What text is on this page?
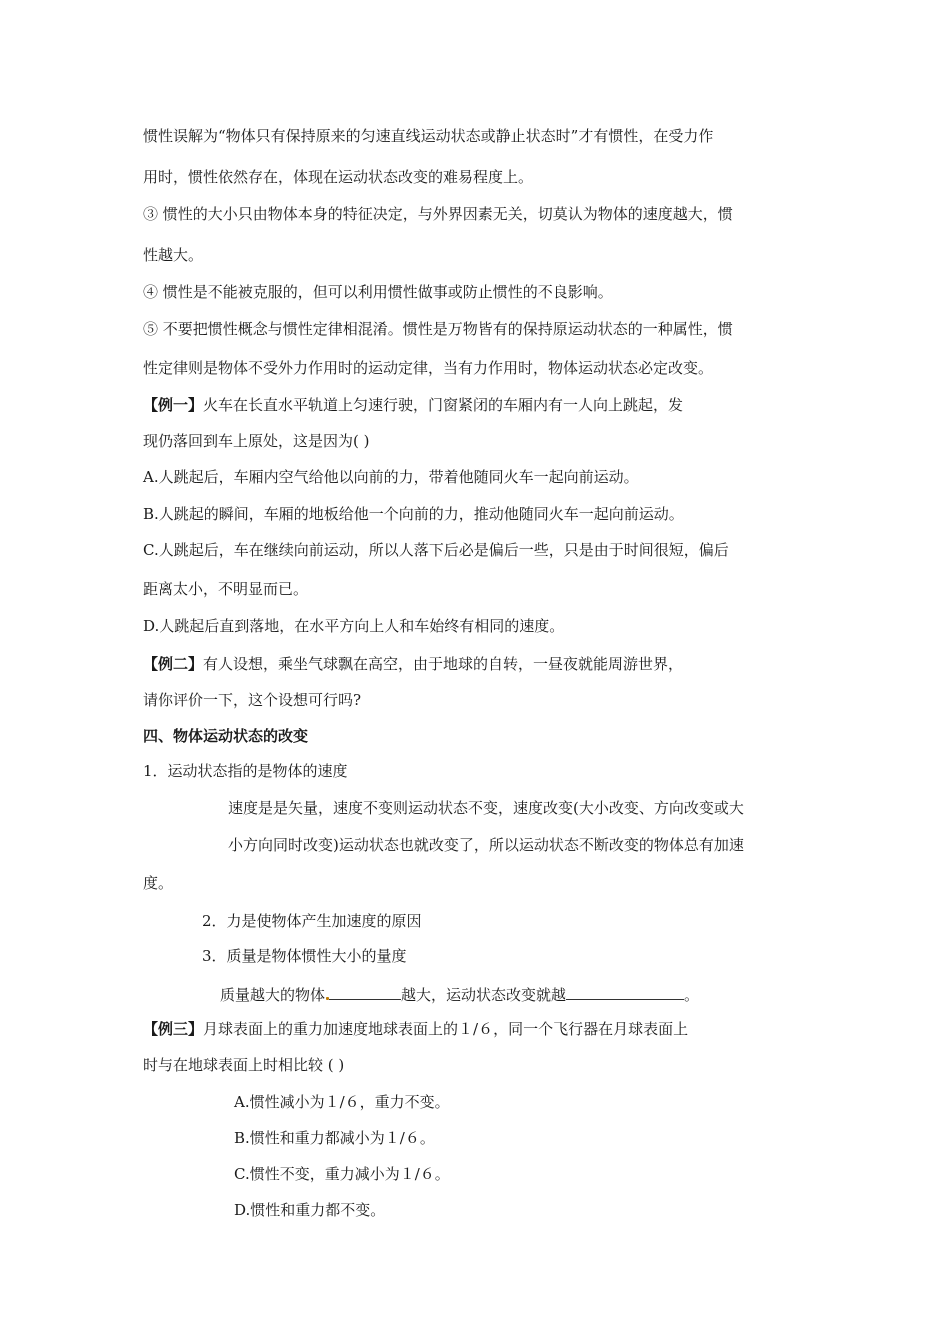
惯性误解为“物体只有保持原来的匀速直线运动状态或静止状态时”才有惯性，在受力作
用时，惯性依然存在，体现在运动状态改变的难易程度上。
③ 惯性的大小只由物体本身的特征决定，与外界因素无关，切莫认为物体的速度越大，惯
性越大。
④ 惯性是不能被克服的，但可以利用惯性做事或防止惯性的不良影响。
⑤ 不要把惯性概念与惯性定律相混淆。惯性是万物皆有的保持原运动状态的一种属性，惯
性定律则是物体不受外力作用时的运动定律，当有力作用时，物体运动状态必定改变。
【例一】火车在长直水平轨道上匀速行驶，门窗紧闭的车厢内有一人向上跳起，发
现仍落回到车上原处，这是因为( )
A.人跳起后，车厢内空气给他以向前的力，带着他随同火车一起向前运动。
B.人跳起的瞬间，车厢的地板给他一个向前的力，推动他随同火车一起向前运动。
C.人跳起后，车在继续向前运动，所以人落下后必是偏后一些，只是由于时间很短，偏后
距离太小，不明显而已。
D.人跳起后直到落地，在水平方向上人和车始终有相同的速度。
【例二】有人设想，乘坐气球飘在高空，由于地球的自转，一昼夜就能周游世界，
请你评价一下，这个设想可行吗?
四、物体运动状态的改变
1．运动状态指的是物体的速度
速度是是矢量，速度不变则运动状态不变，速度改变(大小改变、方向改变或大
小方向同时改变)运动状态也就改变了，所以运动状态不断改变的物体总有加速
度。
2．力是使物体产生加速度的原因
3．质量是物体惯性大小的量度
质量越大的物体	越大，运动状态改变就越	。
【例三】月球表面上的重力加速度地球表面上的１/６，同一个飞行器在月球表面上
时与在地球表面上时相比较 ( )
A.惯性减小为１/６，重力不变。
B.惯性和重力都减小为１/６。
C.惯性不变，重力减小为１/６。
D.惯性和重力都不变。
